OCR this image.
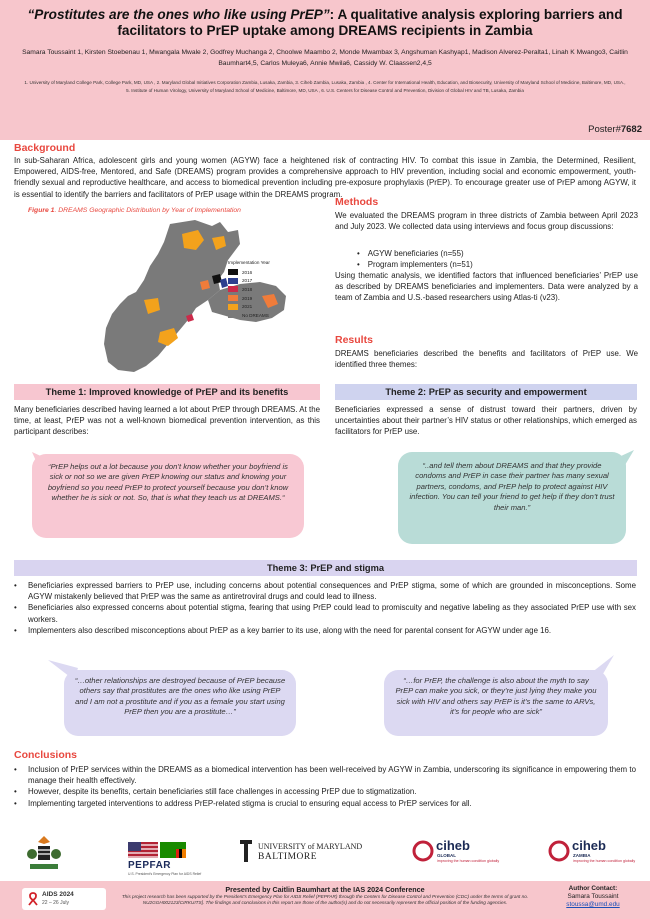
“Prostitutes are the ones who like using PrEP”: A qualitative analysis exploring barriers and facilitators to PrEP uptake among DREAMS recipients in Zambia
Samara Toussaint 1, Kirsten Stoebenau 1, Mwangala Mwale 2, Godfrey Muchanga 2, Choolwe Maambo 2, Monde Mwambax 3, Angshuman Kashyap1, Madison Alverez-Peralta1, Linah K Mwango3, Caitlin Baumhart4,5, Carlos Muleya6, Annie Mwila6, Cassidy W. Claassen2,4,5
1. University of Maryland College Park, College Park, MD, USA , 2. Maryland Global Initiatives Corporation Zambia, Lusaka, Zambia, 3. Ciheb Zambia, Lusaka, Zambia , 4. Center for International Health, Education, and Biosecurity, University of Maryland School of Medicine, Baltimore, MD, USA., 5. Institute of Human Virology, University of Maryland School of Medicine, Baltimore, MD, USA , 6. U.S. Centers for Disease Control and Prevention, Division of Global HIV and TB, Lusaka, Zambia
Poster#7682
Background
In sub-Saharan Africa, adolescent girls and young women (AGYW) face a heightened risk of contracting HIV. To combat this issue in Zambia, the Determined, Resilient, Empowered, AIDS-free, Mentored, and Safe (DREAMS) program provides a comprehensive approach to HIV prevention, including social and economic empowerment, youth-friendly sexual and reproductive healthcare, and access to biomedical prevention including pre-exposure prophylaxis (PrEP). To encourage greater use of PrEP among AGYW, it is essential to identify the barriers and facilitators of PrEP usage within the DREAMS program.
Figure 1. DREAMS Geographic Distribution by Year of Implementation
Implementation Year
2016
2017
2018
2019
2021
No DREAMS
Methods
We evaluated the DREAMS program in three districts of Zambia between April 2023 and July 2023. We collected data using interviews and focus group discussions:
• AGYW beneficiaries (n=55)
• Program implementers (n=51)
Using thematic analysis, we identified factors that influenced beneficiaries’ PrEP use as described by DREAMS beneficiaries and implementers. Data were analyzed by a team of Zambia and U.S.-based researchers using Atlas-ti (v23).
Results
DREAMS beneficiaries described the benefits and facilitators of PrEP use. We identified three themes:
Theme 1: Improved knowledge of PrEP and its benefits
Many beneficiaries described having learned a lot about PrEP through DREAMS. At the time, at least, PrEP was not a well-known biomedical prevention intervention, as this participant describes:
“PrEP helps out a lot because you don’t know whether your boyfriend is sick or not so we are given PrEP knowing our status and knowing your boyfriend so you need PrEP to protect yourself because you don’t know whether he is sick or not. So, that is what they teach us at DREAMS.“
Theme 2: PrEP as security and empowerment
Beneficiaries expressed a sense of distrust toward their partners, driven by uncertainties about their partner’s HIV status or other relationships, which emerged as facilitators for PrEP use.
“..and tell them about DREAMS and that they provide condoms and PrEP in case their partner has many sexual partners, condoms, and PrEP help to protect against HIV infection. You can tell your friend to get help if they don’t trust their man.”
Theme 3: PrEP and stigma
• Beneficiaries expressed barriers to PrEP use, including concerns about potential consequences and PrEP stigma, some of which are grounded in misconceptions. Some AGYW mistakenly believed that PrEP was the same as antiretroviral drugs and could lead to illness.
• Beneficiaries also expressed concerns about potential stigma, fearing that using PrEP could lead to promiscuity and negative labeling as they associated PrEP use with sex workers.
• Implementers also described misconceptions about PrEP as a key barrier to its use, along with the need for parental consent for AGYW under age 16.
“…other relationships are destroyed because of PrEP because others say that prostitutes are the ones who like using PrEP and I am not a prostitute and if you as a female you start using PrEP then you are a prostitute…”
“…for PrEP, the challenge is also about the myth to say PrEP can make you sick, or they’re just lying they make you sick with HIV and others say PrEP is it’s the same to ARVs, it’s for people who are sick”
Conclusions
• Inclusion of PrEP services within the DREAMS as a biomedical intervention has been well-received by AGYW in Zambia, underscoring its significance in empowering them to manage their health effectively.
• However, despite its benefits, certain beneficiaries still face challenges in accessing PrEP due to stigmatization.
• Implementing targeted interventions to address PrEP-related stigma is crucial to ensuring equal access to PrEP services for all.
PEPFAR
U.S. President’s Emergency Plan for AIDS Relief
UNIVERSITY of MARYLAND
BALTIMORE
ciheb
GLOBAL
improving the human condition globally
ciheb
ZAMBIA
improving the human condition globally
Presented by Caitlin Baumhart at the IAS 2024 Conference
This project research has been supported by the President’s Emergency Plan for AIDS Relief (PEPFAR) through the Centers for Disease Control and Prevention (CDC) under the terms of grant no. NU2GGH002123/CIRKUITS]. The findings and conclusions in this report are those of the author(s) and do not necessarily represent the official position of the funding agencies.
AIDS 2024
22 – 26 July
Author Contact:
Samara Toussaint
stoussa@umd.edu
